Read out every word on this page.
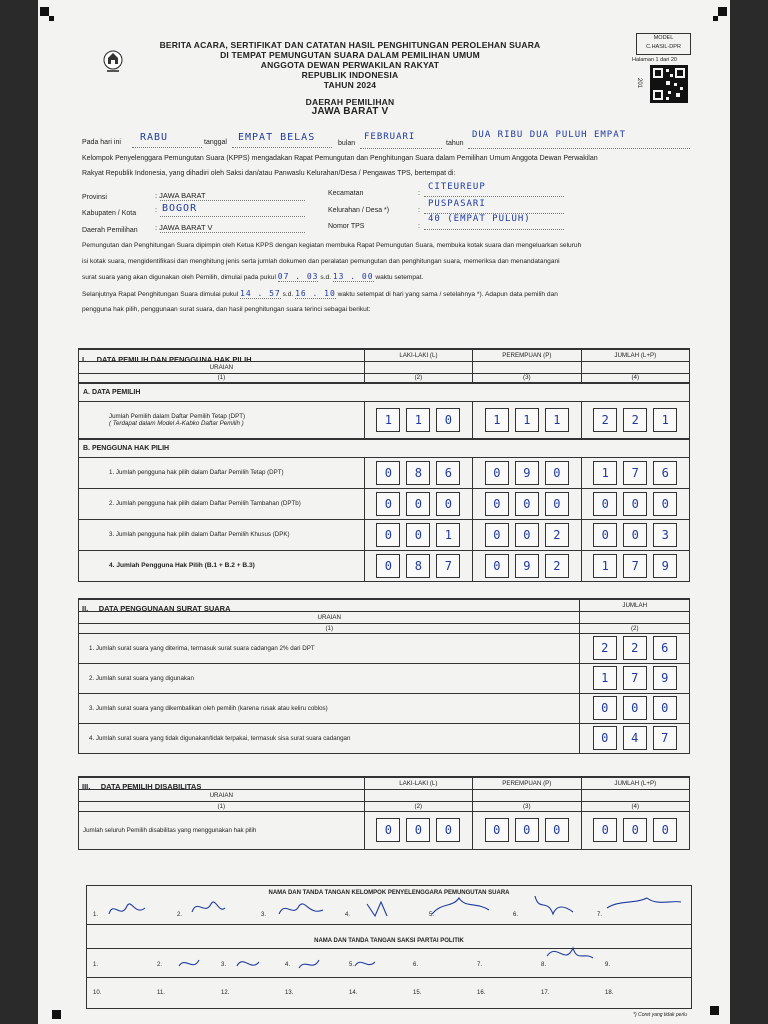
BERITA ACARA, SERTIFIKAT DAN CATATAN HASIL PENGHITUNGAN PEROLEHAN SUARA
DI TEMPAT PEMUNGUTAN SUARA DALAM PEMILIHAN UMUM
ANGGOTA DEWAN PERWAKILAN RAKYAT
REPUBLIK INDONESIA
TAHUN 2024
DAERAH PEMILIHAN
JAWA BARAT V
MODEL
C.HASIL-DPR
Halaman 1 dari 20
201
Pada hari ini RABU	tanggal EMPAT BELAS
bulan
FEBRUARI
tahun
DUA RIBU DUA PULUH EMPAT
Kelompok Penyelenggara Pemungutan Suara (KPPS) mengadakan Rapat Pemungutan dan Penghitungan Suara dalam Pemilihan Umum Anggota Dewan Perwakilan
Rakyat Republik Indonesia, yang dihadiri oleh Saksi dan/atau Panwaslu Kelurahan/Desa / Pengawas TPS, bertempat di:
Provinsi	: JAWA BARAT
Kabupaten / Kota	: BOGOR
Daerah Pemilihan : JAWA BARAT V
Kecamatan	:
CITEUREUP
Kelurahan / Desa *)	:
PUSPASARI
Nomor TPS	:
40 (EMPAT PULUH)
Pemungutan dan Penghitungan Suara dipimpin oleh Ketua KPPS dengan kegiatan membuka Rapat Pemungutan Suara, membuka kotak suara dan mengeluarkan seluruh
isi kotak suara, mengidentifikasi dan menghitung jenis serta jumlah dokumen dan peralatan pemungutan dan penghitungan suara, memeriksa dan menandatangani
surat suara yang akan digunakan oleh Pemilih, dimulai pada pukul 07 . 03 s.d. 13 . 00 waktu setempat.
Selanjutnya Rapat Penghitungan Suara dimulai pukul 14 . 57 s.d. 16 . 10 waktu setempat di hari yang sama / setelahnya *). Adapun data pemilih dan
pengguna hak pilih, penggunaan surat suara, dan hasil penghitungan suara terinci sebagai berikut:
I. DATA PEMILIH DAN PENGGUNA HAK PILIH
		LAKI-LAKI (L)	PEREMPUAN (P)	JUMLAH (L+P)
URAIAN			
(1)	(2)	(3)	(4)
A. DATA PEMILIH			

Jumlah Pemilih dalam Daftar Pemilih Tetap (DPT)
( Terdapat dalam Model A-Kabko Daftar Pemilih )	1 1 0	1 1 1	2 2 1
B. PENGGUNA HAK PILIH			
1. Jumlah pengguna hak pilih dalam Daftar Pemilih Tetap (DPT)	0 8 6	0 9 0	1 7 6
2. Jumlah pengguna hak pilih dalam Daftar Pemilih Tambahan (DPTb)	0 0 0	0 0 0	0 0 0
3. Jumlah pengguna hak pilih dalam Daftar Pemilih Khusus (DPK)	0 0 1	0 0 2	0 0 3
4. Jumlah Pengguna Hak Pilih (B.1 + B.2 + B.3)	0 8 7	0 9 2	1 7 9
II. DATA PENGGUNAAN SURAT SUARA
		JUMLAH
URAIAN	
(1)	(2)
1. Jumlah surat suara yang diterima, termasuk surat suara cadangan 2% dari DPT	2 2 6
2. Jumlah surat suara yang digunakan	1 7 9
3. Jumlah surat suara yang dikembalikan oleh pemilih (karena rusak atau keliru coblos)	0 0 0
4. Jumlah surat suara yang tidak digunakan/tidak terpakai, termasuk sisa surat suara cadangan	0 4 7
III. DATA PEMILIH DISABILITAS
		LAKI-LAKI (L)	PEREMPUAN (P)	JUMLAH (L+P)
URAIAN			
(1)	(2)	(3)	(4)
Jumlah seluruh Pemilih disabilitas yang menggunakan hak pilih	0 0 0	0 0 0	0 0 0
NAMA DAN TANDA TANGAN KELOMPOK PENYELENGGARA PEMUNGUTAN SUARA
1.	2.	3.	4.	5.	6.	7.
NAMA DAN TANDA TANGAN SAKSI PARTAI POLITIK
1.	2.	3.	4.	5.	6.	7.	8.	9.
10.	11.	12.	13.	14.	15.	16.	17.	18.
*) Coret yang tidak perlu
